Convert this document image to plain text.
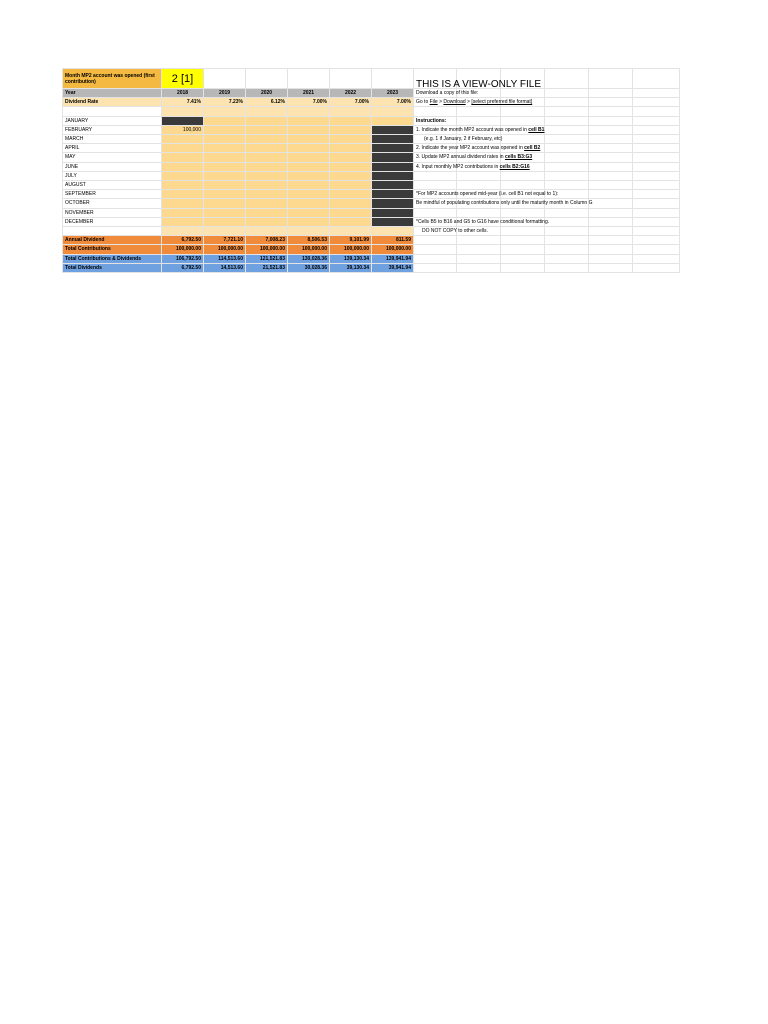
Month MP2 account was opened (first contribution)	2 [1]						THIS IS A VIEW-ONLY FILE					
Year	2018	2019	2020	2021	2022	2023	Download a copy of this file:					
Dividend Rate	7.41%	7.23%	6.12%	7.00%	7.00%	7.00%	Go to File > Download > [select preferred file format]					

JANUARY							Instructions:					
FEBRUARY	100,000						1. Indicate the month MP2 account was opened in cell B1					
MARCH							(e.g. 1 if January, 2 if February, etc)					
APRIL							2. Indicate the year MP2 account was opened in cell B2					
MAY							3. Update MP2 annual dividend rates in cells B3:G3					
JUNE							4. Input monthly MP2 contributions in cells B2:G16					
JULY												
AUGUST												
SEPTEMBER							*For MP2 accounts opened mid-year (i.e. cell B1 not equal to 1):					
OCTOBER							Be mindful of populating contributions only until the maturity month in Column G					
NOVEMBER												
DECEMBER							*Cells B5 to B16 and G5 to G16 have conditional formatting.					
							DO NOT COPY to other cells.					
Annual Dividend	6,792.50	7,721.10	7,008.23	8,506.53	9,101.99	811.59						
Total Contributions	100,000.00	100,000.00	100,000.00	100,000.00	100,000.00	100,000.00						
Total Contributions & Dividends	106,792.50	114,513.60	121,521.83	130,028.36	139,130.34	139,941.94						
Total Dividends	6,792.50	14,513.60	21,521.83	30,028.36	39,130.34	39,941.94						
